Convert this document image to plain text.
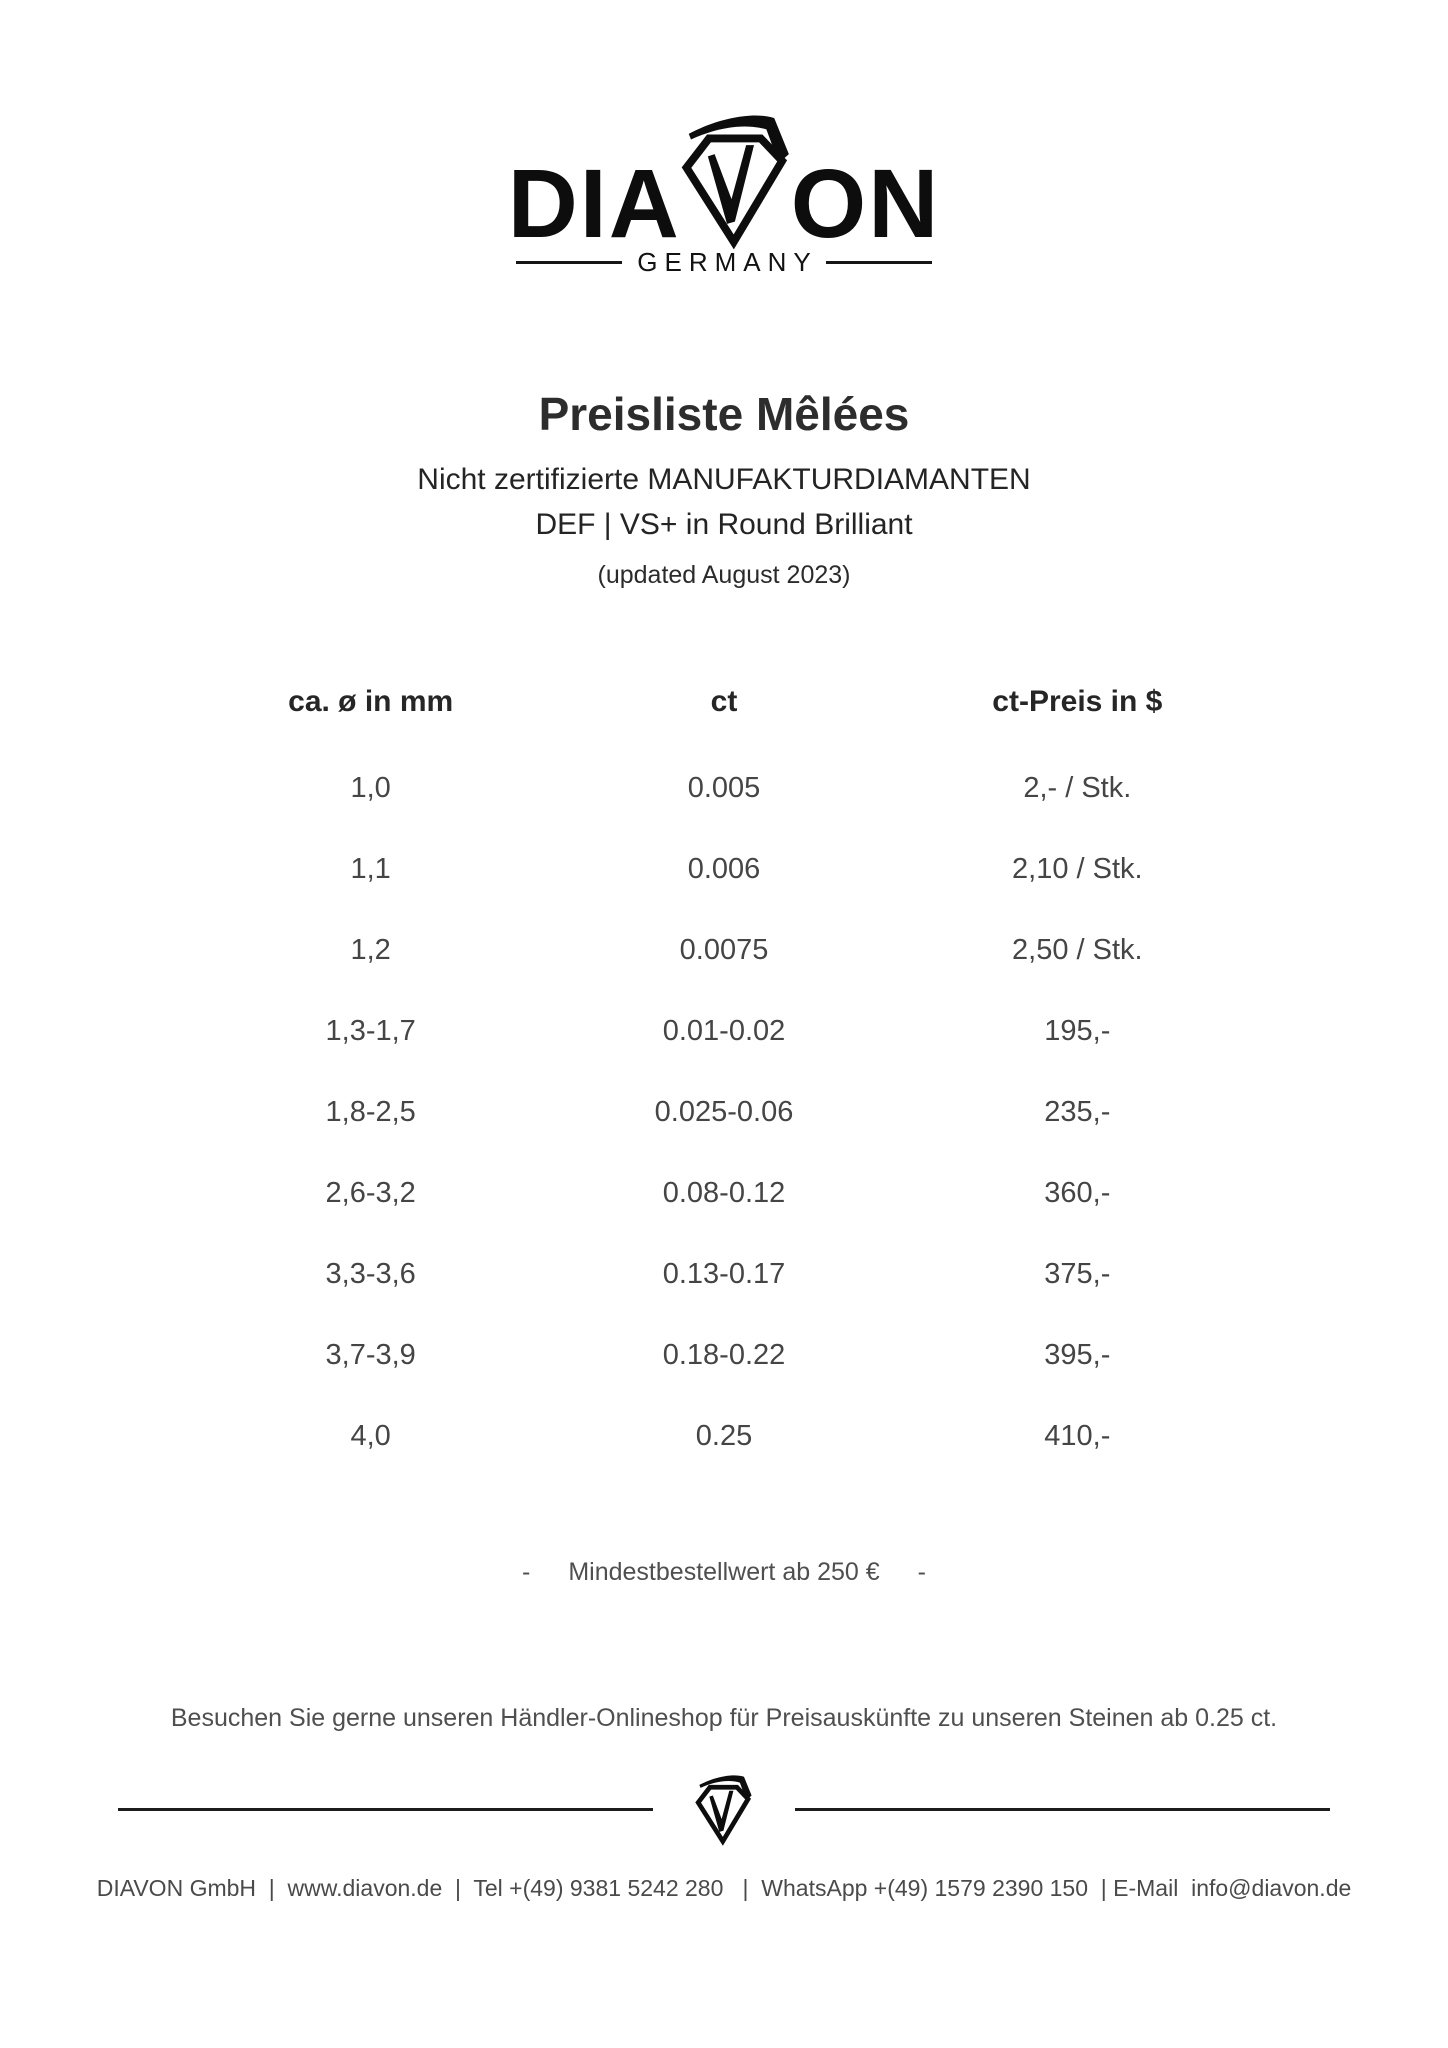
DIA ON
GERMANY
Preisliste Mêlées
Nicht zertifizierte MANUFAKTURDIAMANTEN
DEF | VS+ in Round Brilliant
(updated August 2023)
ca. ø in mm	ct	ct-Preis in $
1,0	0.005	2,- / Stk.
1,1	0.006	2,10 / Stk.
1,2	0.0075	2,50 / Stk.
1,3-1,7	0.01-0.02	195,-
1,8-2,5	0.025-0.06	235,-
2,6-3,2	0.08-0.12	360,-
3,3-3,6	0.13-0.17	375,-
3,7-3,9	0.18-0.22	395,-
4,0	0.25	410,-
- Mindestbestellwert ab 250 € -
Besuchen Sie gerne unseren Händler-Onlineshop für Preisauskünfte zu unseren Steinen ab 0.25 ct.
DIAVON GmbH  |  www.diavon.de  |  Tel +(49) 9381 5242 280   |  WhatsApp +(49) 1579 2390 150  | E-Mail  info@diavon.de
